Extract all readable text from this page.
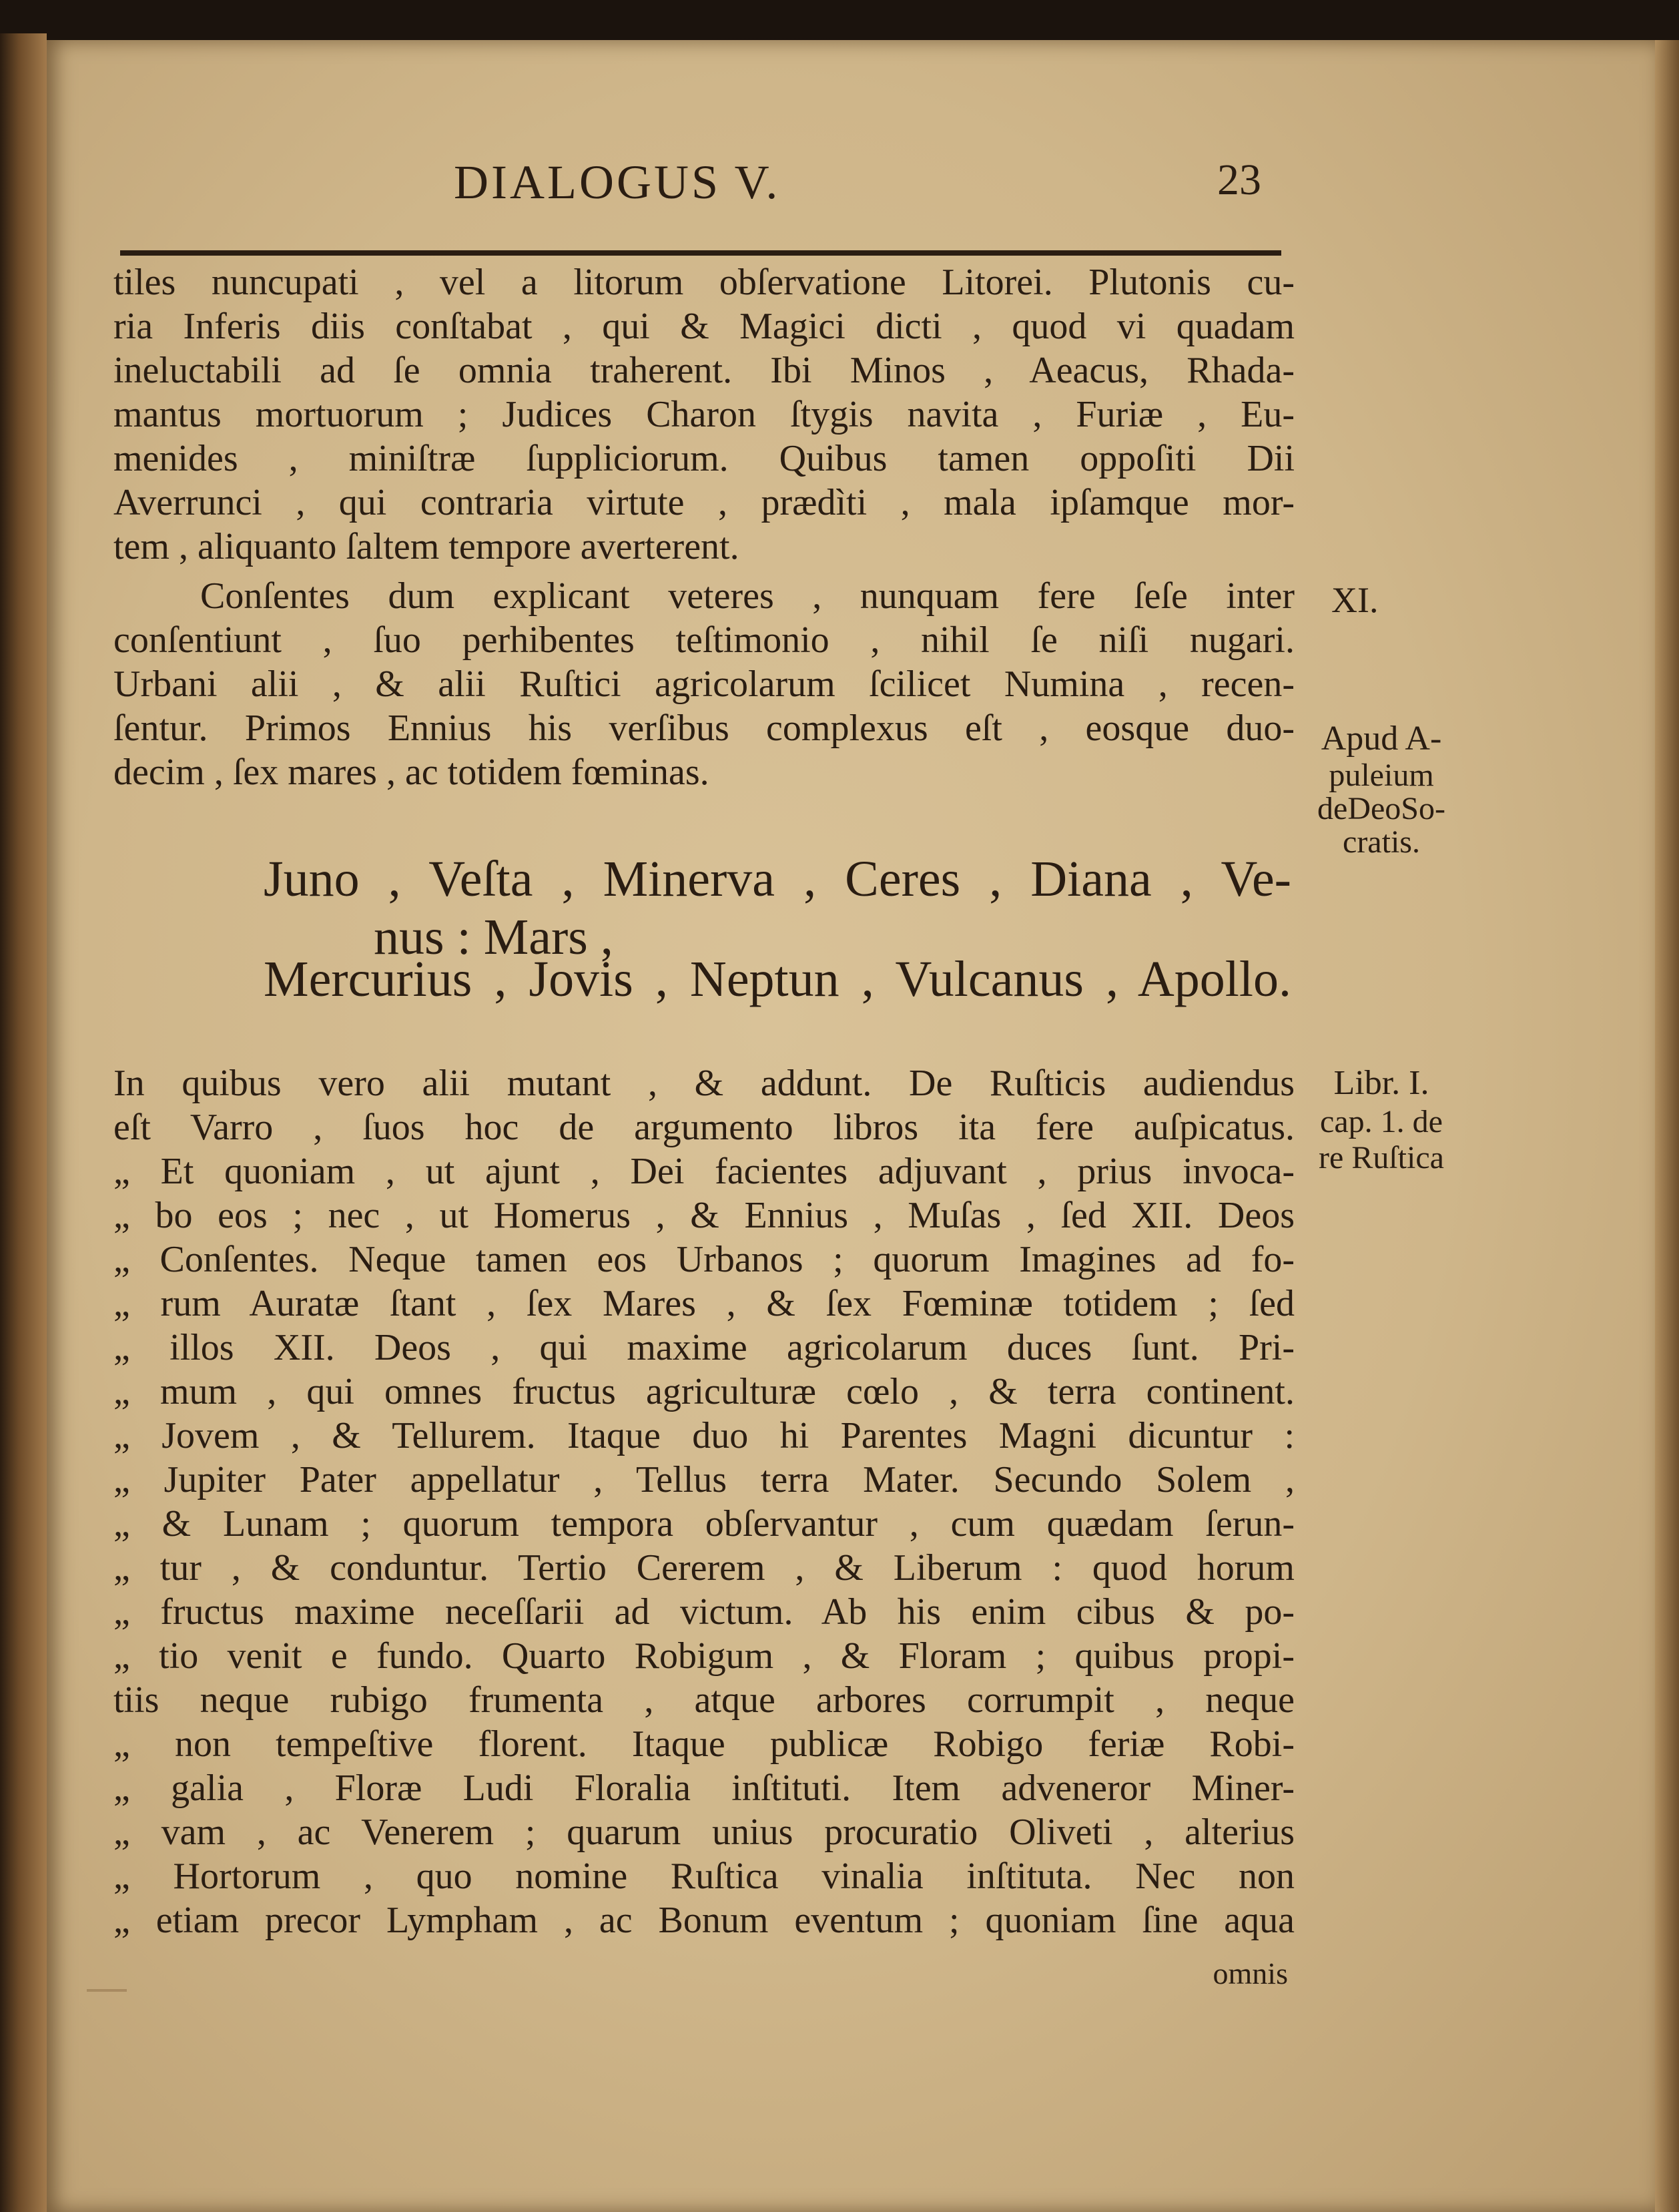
DIALOGUS V.	23
tiles nuncupati , vel a litorum obſervatione Litorei. Plutonis cu-
ria Inferis diis conſtabat , qui & Magici dicti , quod vi quadam
ineluctabili ad ſe omnia traherent. Ibi Minos , Aeacus, Rhada-
mantus mortuorum ; Judices Charon ſtygis navita , Furiæ , Eu-
menides , miniſtræ ſuppliciorum. Quibus tamen oppoſiti Dii
Averrunci , qui contraria virtute , prædìti , mala ipſamque mor-
tem , aliquanto ſaltem tempore averterent.
Conſentes dum explicant veteres , nunquam fere ſeſe inter
conſentiunt , ſuo perhibentes teſtimonio , nihil ſe niſi nugari.
Urbani alii , & alii Ruſtici agricolarum ſcilicet Numina , recen-
ſentur. Primos Ennius his verſibus complexus eſt , eosque duo-
decim , ſex mares , ac totidem fœminas.
Juno , Veſta , Minerva , Ceres , Diana , Ve-
nus : Mars ,
Mercurius , Jovis , Neptun , Vulcanus , Apollo.
In quibus vero alii mutant , & addunt. De Ruſticis audiendus
eſt Varro , ſuos hoc de argumento libros ita fere auſpicatus.
„ Et quoniam , ut ajunt , Dei facientes adjuvant , prius invoca-
„ bo eos ; nec , ut Homerus , & Ennius , Muſas , ſed XII. Deos
„ Conſentes. Neque tamen eos Urbanos ; quorum Imagines ad fo-
„ rum Auratæ ſtant , ſex Mares , & ſex Fœminæ totidem ; ſed
„ illos XII. Deos , qui maxime agricolarum duces ſunt. Pri-
„ mum , qui omnes fructus agriculturæ cœlo , & terra continent.
„ Jovem , & Tellurem. Itaque duo hi Parentes Magni dicuntur :
„ Jupiter Pater appellatur , Tellus terra Mater. Secundo Solem ,
„ & Lunam ; quorum tempora obſervantur , cum quædam ſerun-
„ tur , & conduntur. Tertio Cererem , & Liberum : quod horum
„ fructus maxime neceſſarii ad victum. Ab his enim cibus & po-
„ tio venit e fundo. Quarto Robigum , & Floram ; quibus propi-
tiis neque rubigo frumenta , atque arbores corrumpit , neque
„ non tempeſtive florent. Itaque publicæ Robigo feriæ Robi-
„ galia , Floræ Ludi Floralia inſtituti. Item adveneror Miner-
„ vam , ac Venerem ; quarum unius procuratio Oliveti , alterius
„ Hortorum , quo nomine Ruſtica vinalia inſtituta. Nec non
„ etiam precor Lympham , ac Bonum eventum ; quoniam ſine aqua
omnis
XI.
Apud A-
puleium
deDeoSo-
cratis.
Libr. I.
cap. 1. de
re Ruſtica
